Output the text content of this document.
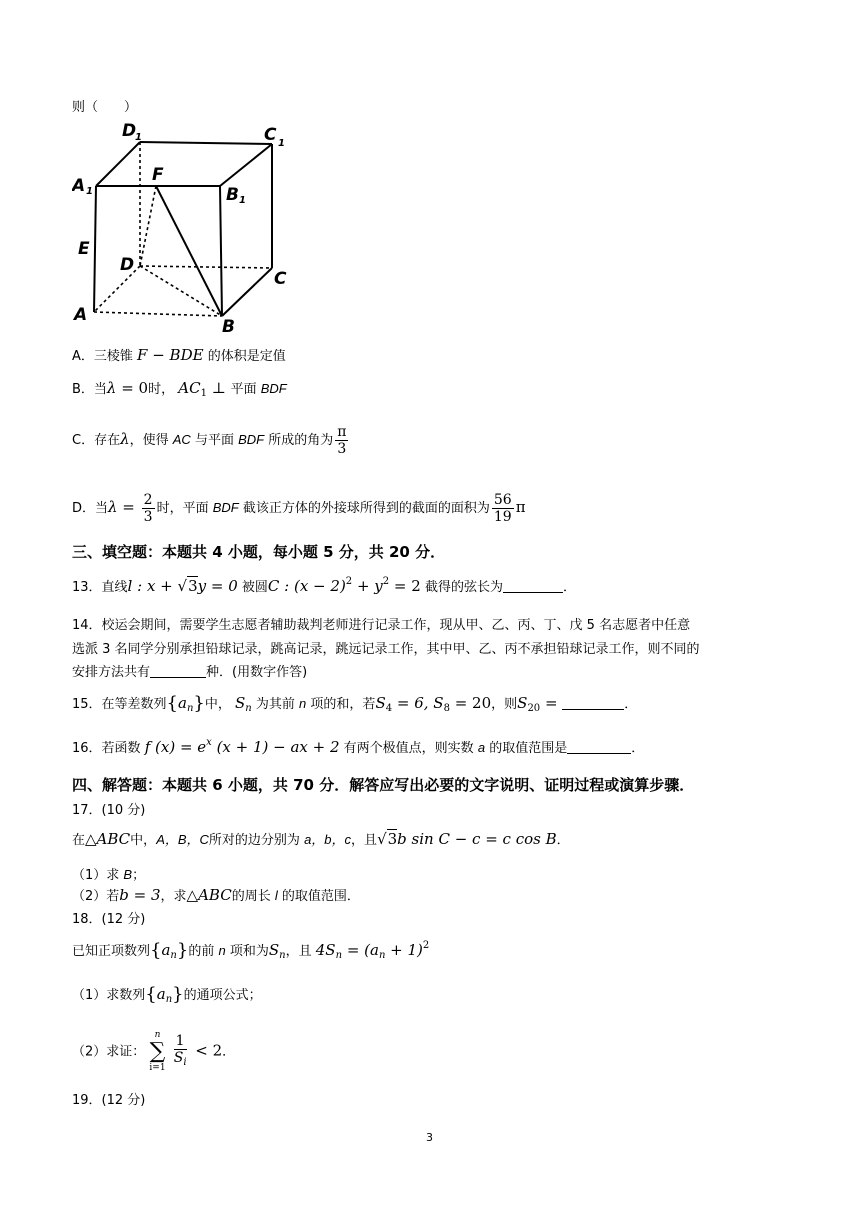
则（　　）
D
1	C 1
A 1
F
B 1
E
D
C
A
B
A．三棱锥 F − BDE 的体积是定值
B．当λ = 0时， $AC_1$ ⊥ 平面 BDF
C．存在λ，使得 AC 与平面 BDF 所成的角为 $\frac{\pi}{3}$
D．当$\lambda = \frac{2}{3}$ 时，平面 BDF 截该正方体的外接球所得到的截面的面积为 $\frac{56}{19}$ π
三、填空题：本题共 4 小题，每小题 5 分，共 20 分．
13．直线l : x + √3y = 0 被圆C : $(x - 2)^2 + y^2 = 2$ 截得的弦长为	．
14．校运会期间，需要学生志愿者辅助裁判老师进行记录工作，现从甲、乙、丙、丁、戊 5 名志愿者中任意
选派 3 名同学分别承担铅球记录，跳高记录，跳远记录工作，其中甲、乙、丙不承担铅球记录工作，则不同的
安排方法共有	种．(用数字作答)
15．在等差数列$\{a_n\}$中， $S_n$ 为其前 n 项的和，若$S_4 = 6$, $S_8 = 20$，则$S_{20}$ =	．
16．若函数 f $(x) = e^x$ (x + 1) − ax + 2 有两个极值点，则实数 a 的取值范围是	．
四、解答题：本题共 6 小题，共 70 分．解答应写出必要的文字说明、证明过程或演算步骤．
17．(10 分)
在△ABC中，A，B，C所对的边分别为 a，b，c，且√3b sin C − c = c cos B．
（1）求 B；
（2）若b = 3，求△ABC的周长 l 的取值范围．
18．(12 分)
已知正项数列$\{a_n\}$的前 n 项和为$S_n$，且 $4S_n = (a_n + 1)^2$
（1）求数列$\{a_n\}$的通项公式；
（2）求证：
n
∑
i=1
$\frac{1}{S_i} < 2$．
19．(12 分)
3
